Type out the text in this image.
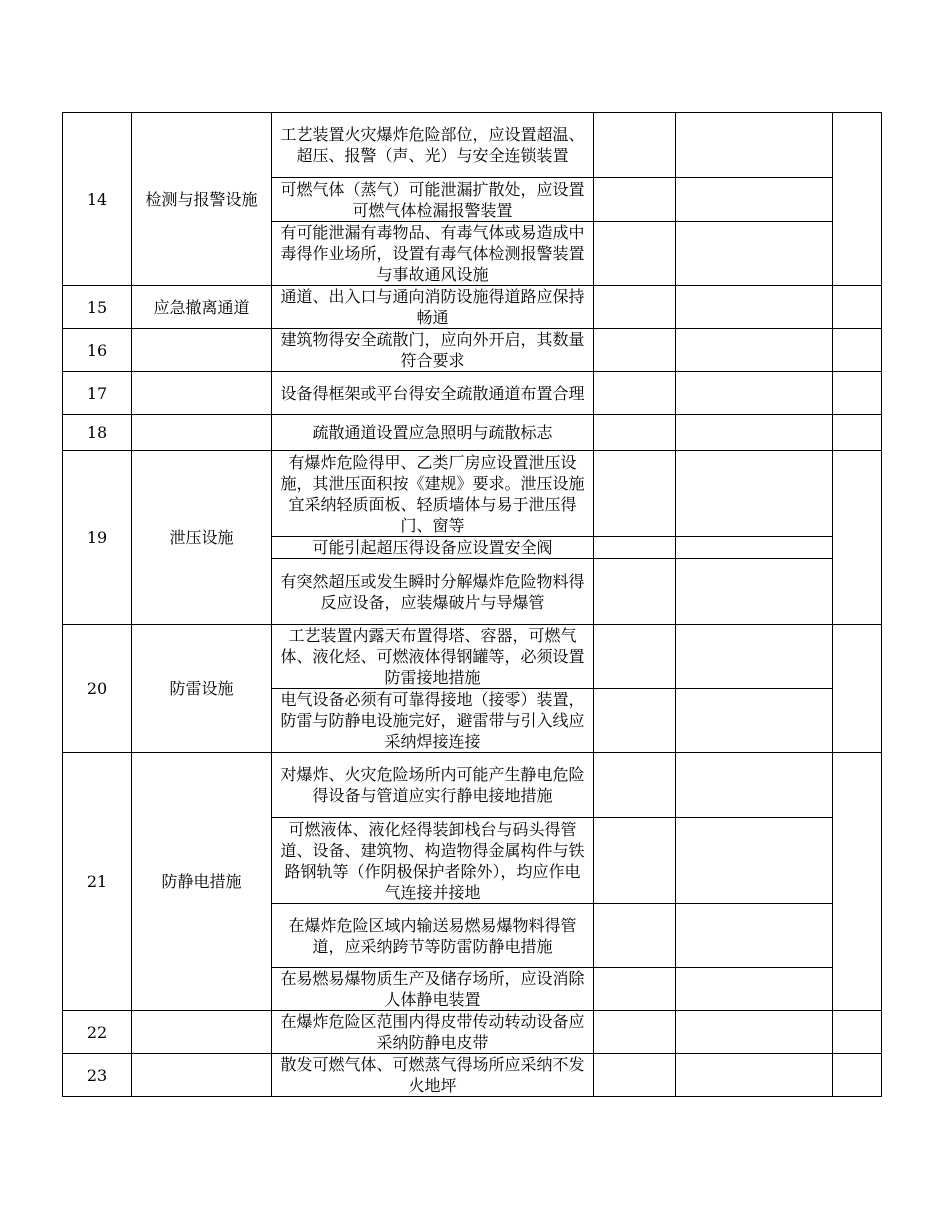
14	检测与报警设施	工艺装置火灾爆炸危险部位，应设置超温、超压、报警（声、光）与安全连锁装置			
		可燃气体（蒸气）可能泄漏扩散处，应设置可燃气体检漏报警装置			
		有可能泄漏有毒物品、有毒气体或易造成中毒得作业场所，设置有毒气体检测报警装置与事故通风设施			
15	应急撤离通道	通道、出入口与通向消防设施得道路应保持畅通			
16		建筑物得安全疏散门，应向外开启，其数量符合要求			
17		设备得框架或平台得安全疏散通道布置合理			
18		疏散通道设置应急照明与疏散标志			
19	泄压设施	有爆炸危险得甲、乙类厂房应设置泄压设施，其泄压面积按《建规》要求。泄压设施宜采纳轻质面板、轻质墙体与易于泄压得门、窗等			
		可能引起超压得设备应设置安全阀			
		有突然超压或发生瞬时分解爆炸危险物料得反应设备，应装爆破片与导爆管			
20	防雷设施	工艺装置内露天布置得塔、容器，可燃气体、液化烃、可燃液体得钢罐等，必须设置防雷接地措施			
		电气设备必须有可靠得接地（接零）装置，防雷与防静电设施完好，避雷带与引入线应采纳焊接连接			
21	防静电措施	对爆炸、火灾危险场所内可能产生静电危险得设备与管道应实行静电接地措施			
		可燃液体、液化烃得装卸栈台与码头得管道、设备、建筑物、构造物得金属构件与铁路钢轨等（作阴极保护者除外），均应作电气连接并接地			
		在爆炸危险区域内输送易燃易爆物料得管道，应采纳跨节等防雷防静电措施			
		在易燃易爆物质生产及储存场所，应设消除人体静电装置			
22		在爆炸危险区范围内得皮带传动转动设备应采纳防静电皮带			
23		散发可燃气体、可燃蒸气得场所应采纳不发火地坪			
